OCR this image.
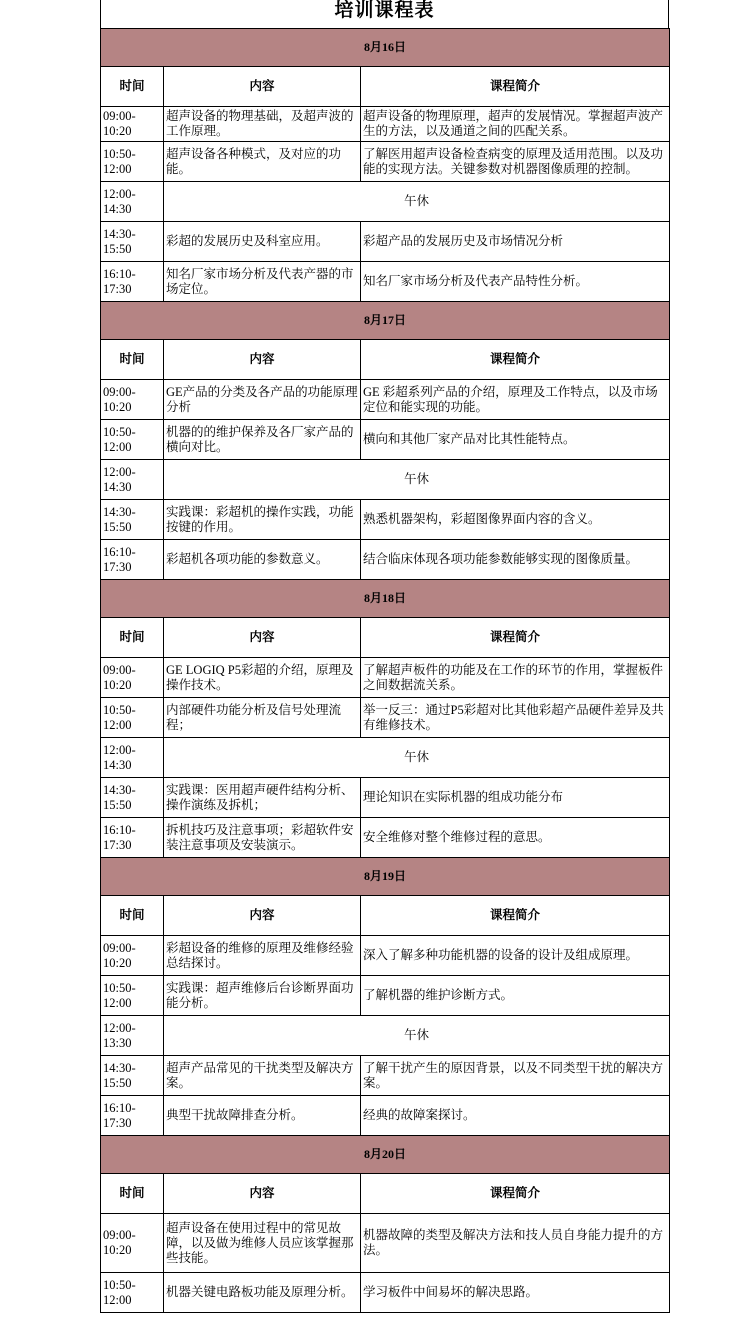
培训课程表
8月16日		
时间	内容	课程简介
09:00-
10:20	超声设备的物理基础，及超声波的工作原理。	超声设备的物理原理，超声的发展情况。掌握超声波产生的方法，以及通道之间的匹配关系。
10:50-
12:00	超声设备各种模式，及对应的功能。	了解医用超声设备检查病变的原理及适用范围。以及功能的实现方法。关键参数对机器图像质理的控制。
12:00-
14:30	午休	
14:30-
15:50	彩超的发展历史及科室应用。	彩超产品的发展历史及市场情况分析
16:10-
17:30	知名厂家市场分析及代表产器的市场定位。	知名厂家市场分析及代表产品特性分析。
8月17日		
时间	内容	课程简介
09:00-
10:20	GE产品的分类及各产品的功能原理分析	GE 彩超系列产品的介绍，原理及工作特点，以及市场定位和能实现的功能。
10:50-
12:00	机器的的维护保养及各厂家产品的横向对比。	横向和其他厂家产品对比其性能特点。
12:00-
14:30	午休	
14:30-
15:50	实践课：彩超机的操作实践，功能按键的作用。	熟悉机器架构，彩超图像界面内容的含义。
16:10-
17:30	彩超机各项功能的参数意义。	结合临床体现各项功能参数能够实现的图像质量。
8月18日		
时间	内容	课程简介
09:00-
10:20	GE LOGIQ P5彩超的介绍，原理及操作技术。	了解超声板件的功能及在工作的环节的作用，掌握板件之间数据流关系。
10:50-
12:00	内部硬件功能分析及信号处理流程；	举一反三：通过P5彩超对比其他彩超产品硬件差异及共有维修技术。
12:00-
14:30	午休	
14:30-
15:50	实践课：医用超声硬件结构分析、操作演练及拆机；	理论知识在实际机器的组成功能分布
16:10-
17:30	拆机技巧及注意事项；彩超软件安装注意事项及安装演示。	安全维修对整个维修过程的意思。
8月19日		
时间	内容	课程简介
09:00-
10:20	彩超设备的维修的原理及维修经验总结探讨。	深入了解多种功能机器的设备的设计及组成原理。
10:50-
12:00	实践课：超声维修后台诊断界面功能分析。	了解机器的维护诊断方式。
12:00-
13:30	午休	
14:30-
15:50	超声产品常见的干扰类型及解决方案。	了解干扰产生的原因背景，以及不同类型干扰的解决方案。
16:10-
17:30	典型干扰故障排查分析。	经典的故障案探讨。
8月20日		
时间	内容	课程简介
09:00-
10:20	超声设备在使用过程中的常见故障，以及做为维修人员应该掌握那些技能。	机器故障的类型及解决方法和技人员自身能力提升的方法。
10:50-
12:00	机器关键电路板功能及原理分析。	学习板件中间易坏的解决思路。
